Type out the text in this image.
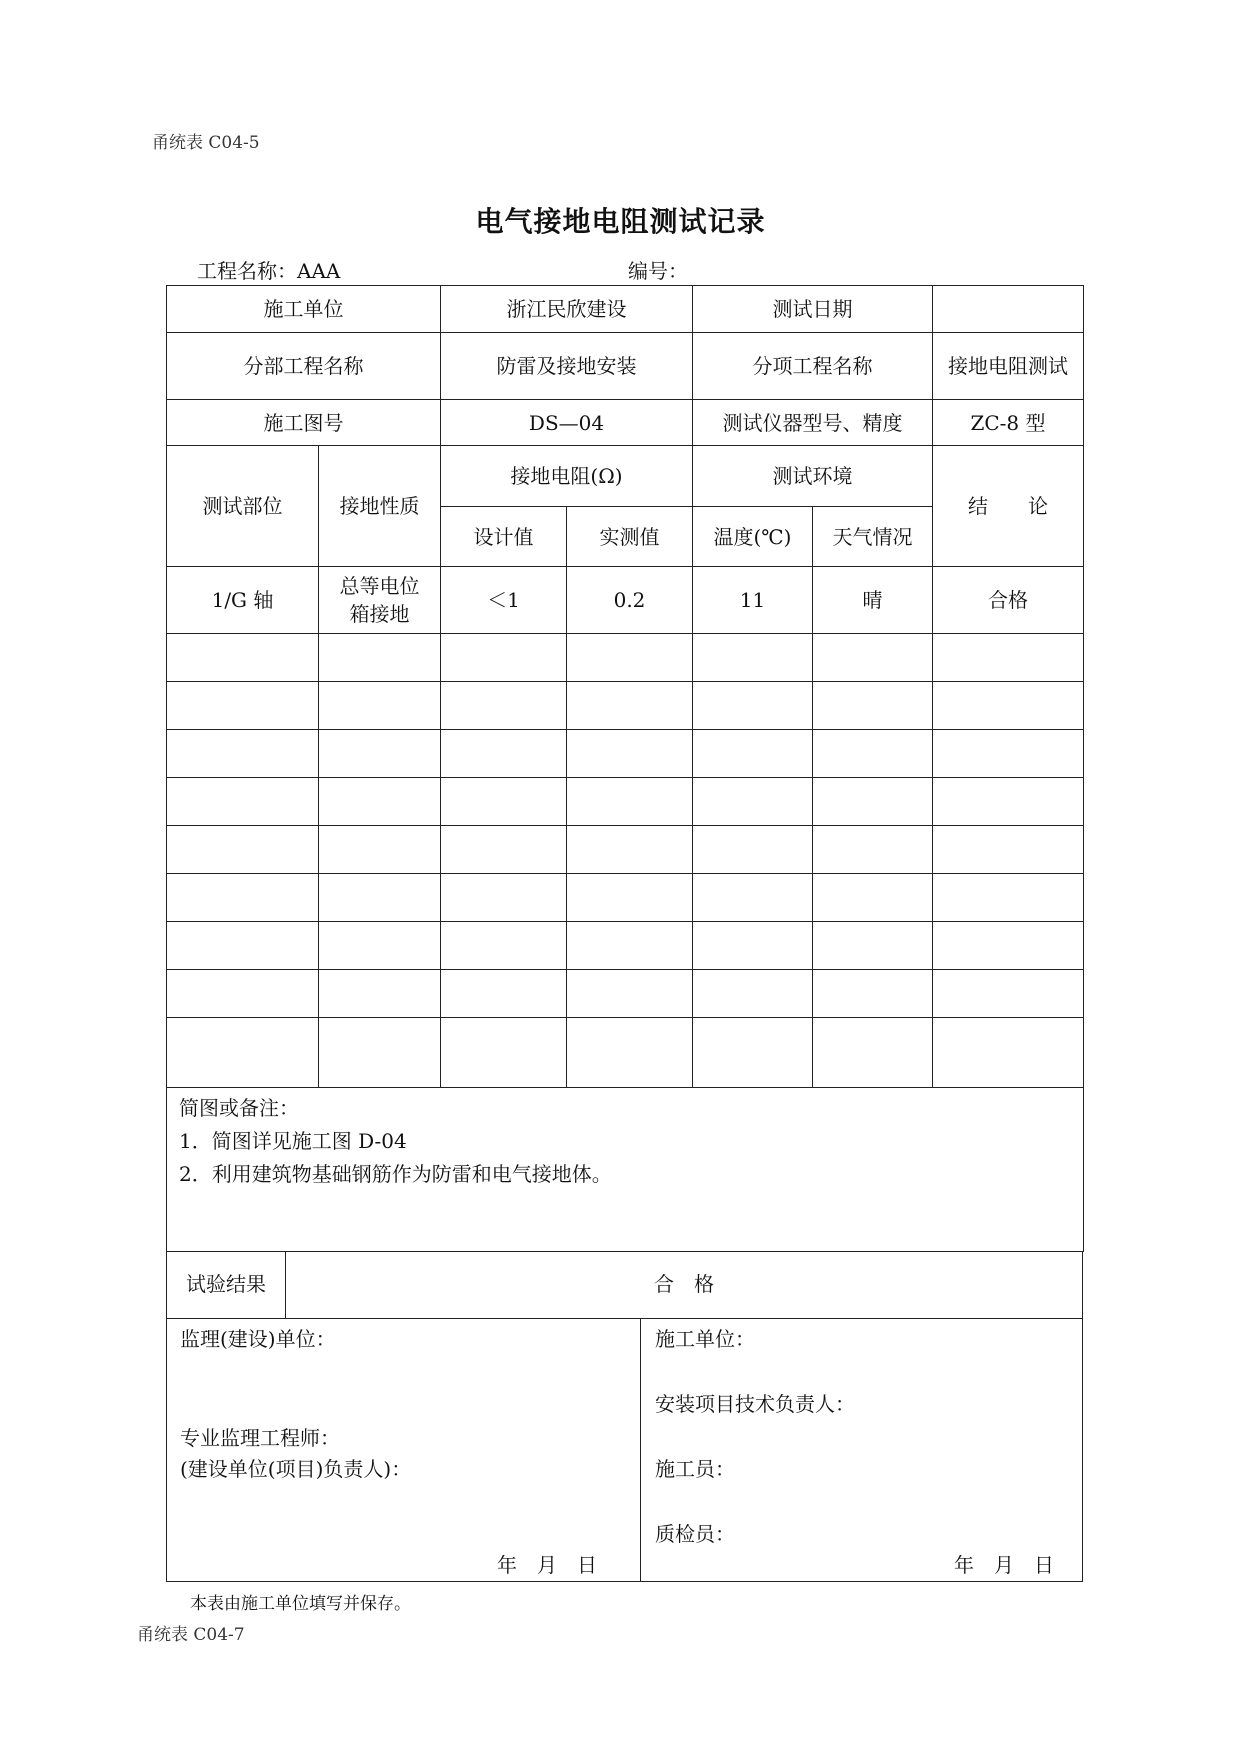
甬统表 C04-5
电气接地电阻测试记录
工程名称：AAA	编号：
施工单位		浙江民欣建设		测试日期		
分部工程名称		防雷及接地安装		分项工程名称		接地电阻测试
施工图号		DS—04		测试仪器型号、精度		ZC-8 型
测试部位	接地性质	接地电阻(Ω)		测试环境		结　　论
		设计值	实测值	温度(℃)	天气情况	
1/G 轴	总等电位箱接地	＜1	0.2	11	晴	合格

简图或备注：
1．简图详见施工图 D-04
2．利用建筑物基础钢筋作为防雷和电气接地体。						
试验结果	合　格
监理(建设)单位：
专业监理工程师：
(建设单位(项目)负责人)：
年　月　日
施工单位：
安装项目技术负责人：
施工员：
质检员：
年　月　日
本表由施工单位填写并保存。
甬统表 C04-7
